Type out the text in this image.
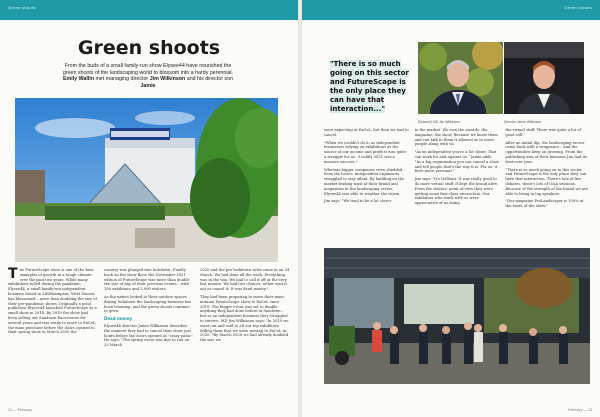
Green shoots
Green shoots
From the buds of a small family-run show Elysee44 have nourished the green shoots of the landscaping world to blossom into a hardy perennial. Emily Wallin met managing director Jim Wilkinson and his director son Jamie
T he FutureScape show is one of the best examples of growth in a tough climate over the past two years. While many exhibitions toiled during the pandemic, Elysee44, a small family-run independent business based in Littlehampton, West Sussex, has blossomed – more than doubling the size of their pre-pandemic shows. Originally a print publisher, Elysee44 launched FutureScape as a small show in 2014. By 2019 the show had been selling out Sandown Racecourse for several years and was ready to move to ExCeL, the main purchase before the doors opened to their spring show in March 2020 the

country was plunged into lockdown. Finally back on the show floor, the November 2021 edition of FutureScape was more than double the size of any of their previous events – with 180 exhibitors and 3,000 visitors.

As the nation looked to their outdoor spaces during lockdown the landscaping business has been booming, and the green shoots continue to grow.

Dead money

Elysee44 director Jamie Wilkinson describes the moment they had to cancel their show just hours before the doors opened as "crazy panic". He says: "The spring event was due to run on 25 March

2020 and the pre-lockdown rules came in on 24 March. We had done all the work. Everything was in the van. We had to call it off at the very last minute. We had two choices: either wait it out or cancel it. It was dead money."

They had been preparing to move their main autumn FutureScape show to ExCeL since 2019. The bigger event was set to double anything they had done before at Sandown – but as an independent business they struggled to survive. MD Jim Wilkinson says: "In 2019 we went out and sold to all our top exhibitors, telling them that we were moving to ExCeL in 2020. "By March 2020 we had already doubled the size we

12 — February
Green shoots
"There is so much going on this sector and FutureScape is the only place they can have that interaction..."
Elysee44 MD Jim Wilkinson	Director Jamie Wilkinson

were expecting at ExCeL, but then we had to cancel.

"When we couldn't do it, as independent businesses relying on exhibitions as the source of our income and profit it was quite a struggle for us. "Luckily 2021 was a massive success."

Whereas bigger companies were shielded from the losses, independent organisers struggled to stay afloat. By building on the market-leading trust of their brand and magazines in the landscaping sector, Elysee44 was able to weather the storm.

Jim says: "We tend to be a lot closer

to the market. We own the awards, the magazine, the show. Because we know them and can talk to them it allowed us to move people along with us.

"As an independent you're a lot closer. That can work for and against us," Jamie adds. "As a big organisation you can cancel a show and tell people that's the way it is. For us, it feels more personal."

Jim says: "It's brilliant. It was really good to do more virtual stuff. It kept the brand alive. From the visitors' point of view they were getting some first-class interaction. Our exhibitors who stuck with us were appreciative of us doing

the virtual stuff. There was quite a lot of good will."

After an initial dip, the landscaping sector came back with a vengeance – and the opportunities keep on growing. From the publishing arm of their business Jim had its best-ever year.

"There is so much going on in this sector and FutureScape is the only place they can have that interaction. There's lots of live debates, there's lots of Q&A sessions. Because of the strength of the brand we are able to bring in top speakers.

"Our magazine ProLandscaper is 100% at the heart of the show."

February — 13
